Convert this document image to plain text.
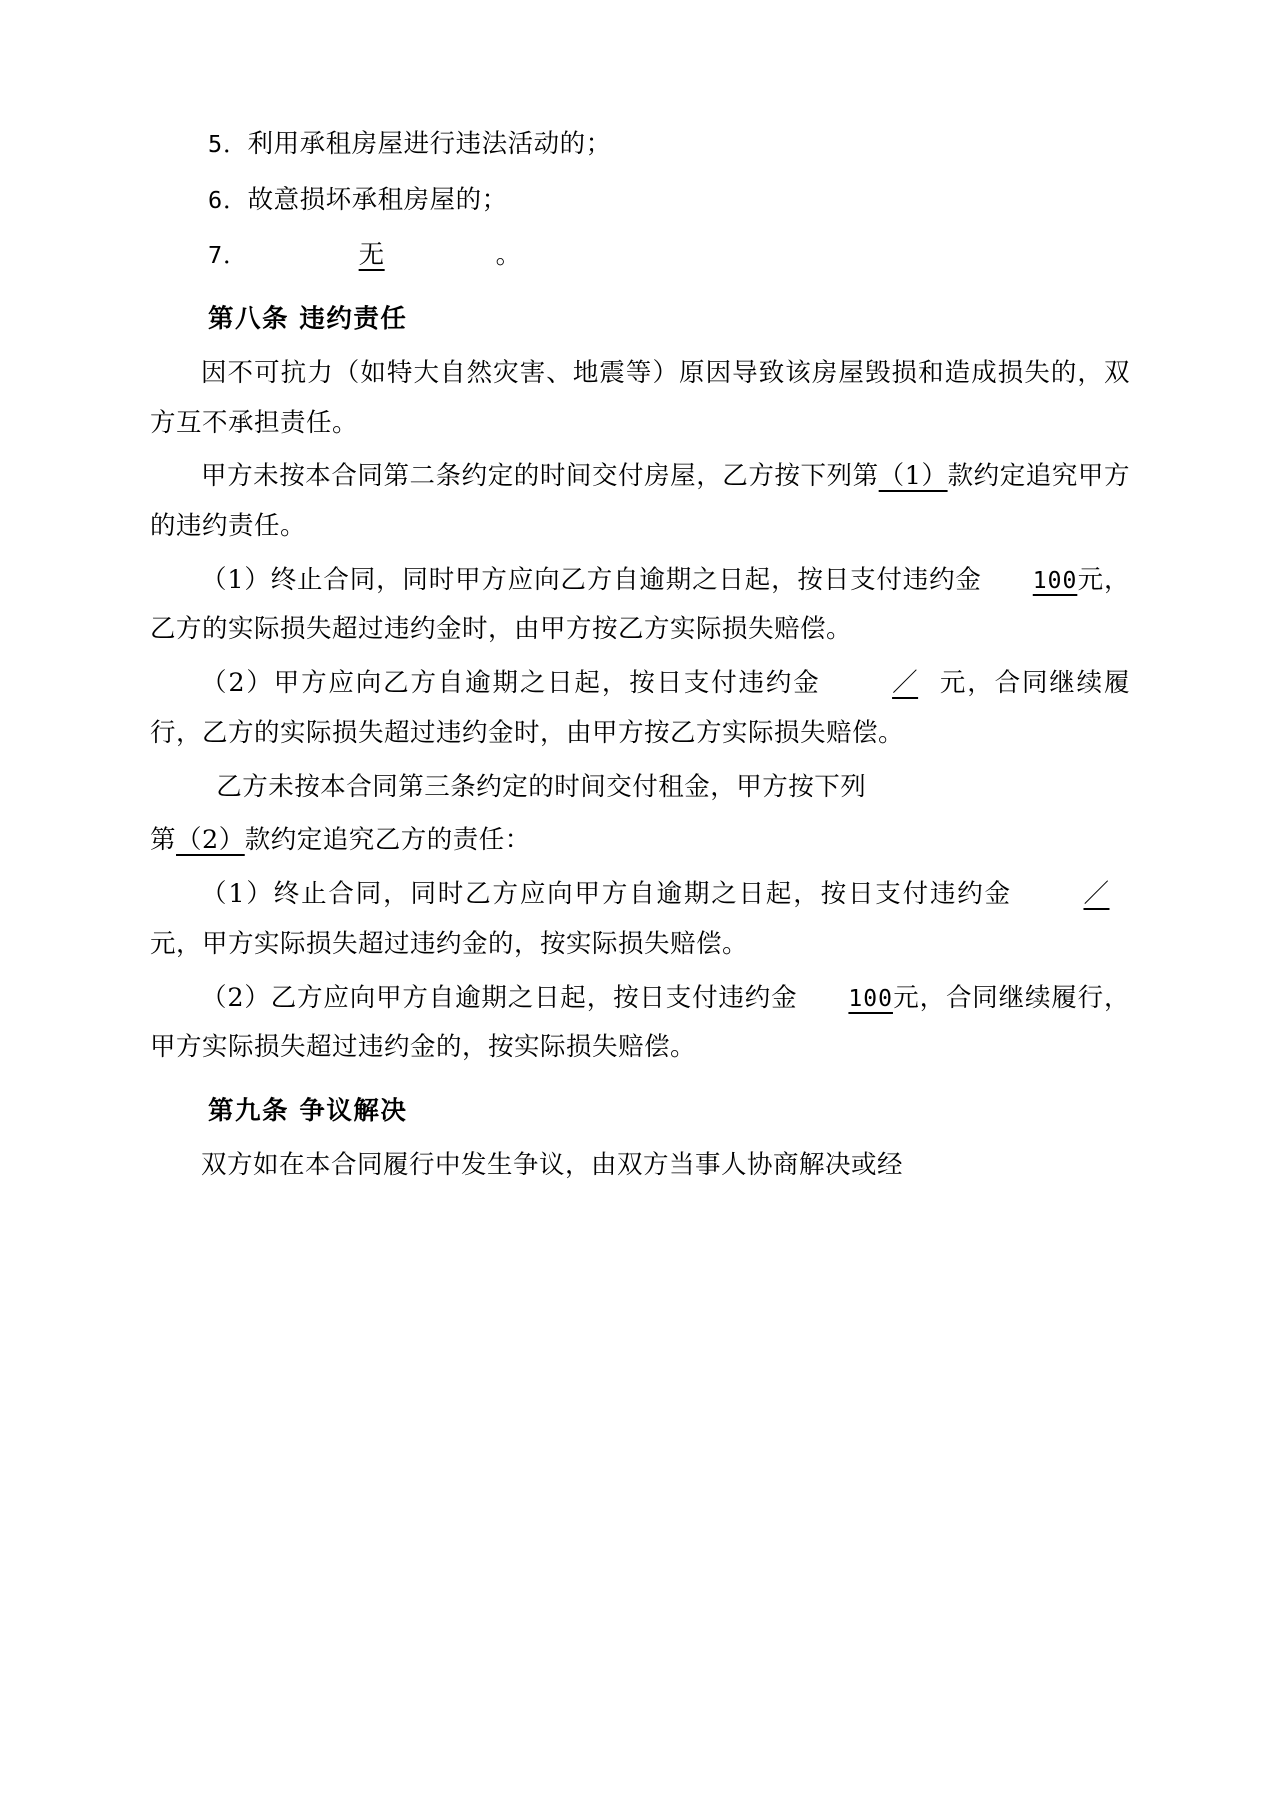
5．利用承租房屋进行违法活动的；
6．故意损坏承租房屋的；
7．	无	。
第八条 违约责任
因不可抗力（如特大自然灾害、地震等）原因导致该房屋毁损和造成损失的，双方互不承担责任。
甲方未按本合同第二条约定的时间交付房屋，乙方按下列第（1）款约定追究甲方的违约责任。
（1）终止合同，同时甲方应向乙方自逾期之日起，按日支付违约金 100元，乙方的实际损失超过违约金时，由甲方按乙方实际损失赔偿。
（2）甲方应向乙方自逾期之日起，按日支付违约金	／ 元，合同继续履行，乙方的实际损失超过违约金时，由甲方按乙方实际损失赔偿。
乙方未按本合同第三条约定的时间交付租金，甲方按下列
第（2）款约定追究乙方的责任：
（1）终止合同，同时乙方应向甲方自逾期之日起，按日支付违约金	／元，甲方实际损失超过违约金的，按实际损失赔偿。
（2）乙方应向甲方自逾期之日起，按日支付违约金 100元，合同继续履行，甲方实际损失超过违约金的，按实际损失赔偿。
第九条 争议解决
双方如在本合同履行中发生争议，由双方当事人协商解决或经
